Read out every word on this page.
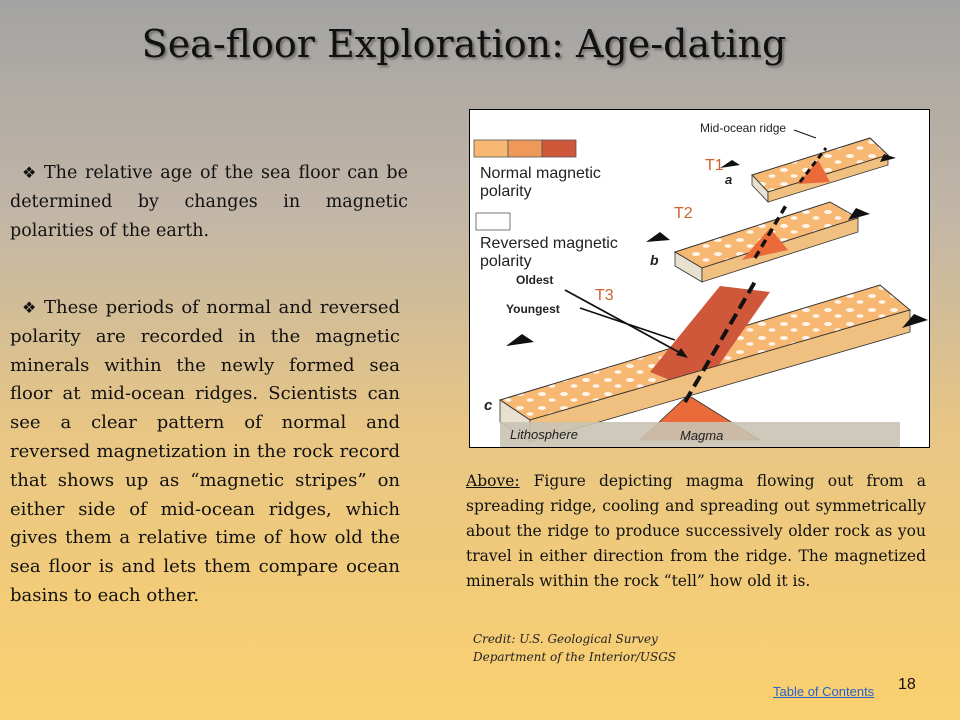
Sea-floor Exploration: Age-dating
❖ The relative age of the sea floor can be determined by changes in magnetic polarities of the earth.
❖ These periods of normal and reversed polarity are recorded in the magnetic minerals within the newly formed sea floor at mid-ocean ridges. Scientists can see a clear pattern of normal and reversed magnetization in the rock record that shows up as “magnetic stripes” on either side of mid-ocean ridges, which gives them a relative time of how old the sea floor is and lets them compare ocean basins to each other.
Normal magnetic
polarity
Reversed magnetic
polarity
a
b
Lithosphere	Magma
c
Mid-ocean ridge
T1
T2
T3
Oldest
Youngest
Above: Figure depicting magma flowing out from a spreading ridge, cooling and spreading out symmetrically about the ridge to produce successively older rock as you travel in either direction from the ridge. The magnetized minerals within the rock “tell” how old it is.
Credit: U.S. Geological Survey
Department of the Interior/USGS
Table of Contents 18
